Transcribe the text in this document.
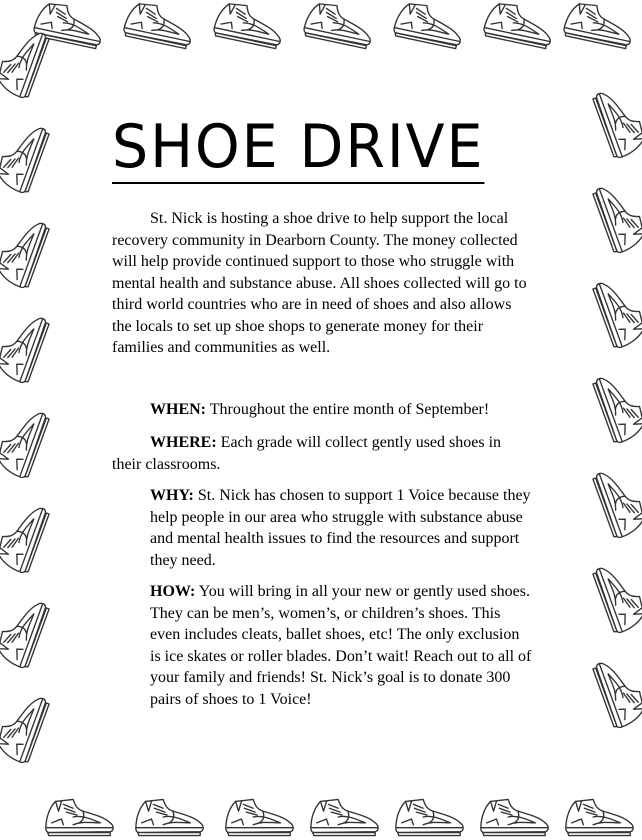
SHOE DRIVE

St. Nick is hosting a shoe drive to help support the local recovery community in Dearborn County. The money collected will help provide continued support to those who struggle with mental health and substance abuse. All shoes collected will go to third world countries who are in need of shoes and also allows the locals to set up shoe shops to generate money for their families and communities as well.

WHEN: Throughout the entire month of September!

WHERE: Each grade will collect gently used shoes in their classrooms.

WHY: St. Nick has chosen to support 1 Voice because they help people in our area who struggle with substance abuse and mental health issues to find the resources and support they need.

HOW: You will bring in all your new or gently used shoes. They can be men’s, women’s, or children’s shoes. This even includes cleats, ballet shoes, etc! The only exclusion is ice skates or roller blades. Don’t wait! Reach out to all of your family and friends! St. Nick’s goal is to donate 300 pairs of shoes to 1 Voice!
